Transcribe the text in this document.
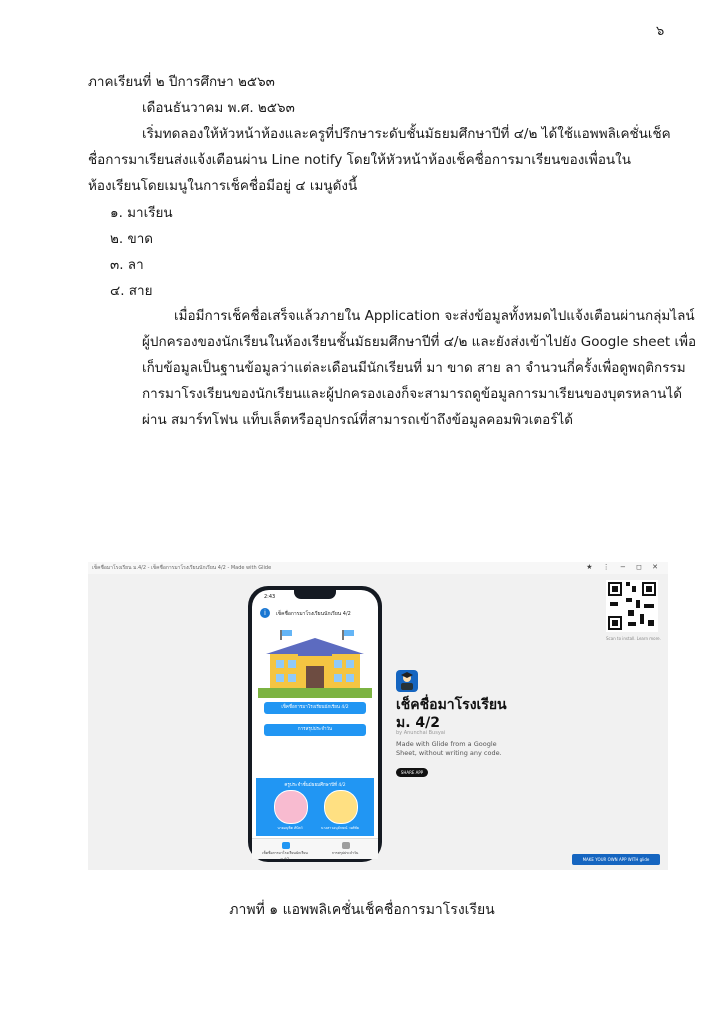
๖
ภาคเรียนที่ ๒ ปีการศึกษา ๒๕๖๓
เดือนธันวาคม พ.ศ. ๒๕๖๓
เริ่มทดลองให้หัวหน้าห้องและครูที่ปรึกษาระดับชั้นมัธยมศึกษาปีที่ ๔/๒ ได้ใช้แอพพลิเคชั่นเช็ค
ชื่อการมาเรียนส่งแจ้งเตือนผ่าน Line notify โดยให้หัวหน้าห้องเช็คชื่อการมาเรียนของเพื่อนใน
ห้องเรียนโดยเมนูในการเช็คชื่อมีอยู่ ๔ เมนูดังนี้
๑. มาเรียน
๒. ขาด
๓. ลา
๔. สาย
เมื่อมีการเช็คชื่อเสร็จแล้วภายใน Application จะส่งข้อมูลทั้งหมดไปแจ้งเตือนผ่านกลุ่มไลน์
ผู้ปกครองของนักเรียนในห้องเรียนชั้นมัธยมศึกษาปีที่ ๔/๒ และยังส่งเข้าไปยัง Google sheet เพื่อ
เก็บข้อมูลเป็นฐานข้อมูลว่าแต่ละเดือนมีนักเรียนที่ มา ขาด สาย ลา จำนวนกี่ครั้งเพื่อดูพฤติกรรม
การมาโรงเรียนของนักเรียนและผู้ปกครองเองก็จะสามารถดูข้อมูลการมาเรียนของบุตรหลานได้
ผ่าน สมาร์ทโฟน แท็บเล็ตหรืออุปกรณ์ที่สามารถเข้าถึงข้อมูลคอมพิวเตอร์ได้
เช็คชื่อมาโรงเรียน ม.4/2 - เช็คชื่อการมาโรงเรียนนักเรียน 4/2 - Made with Glide	★ ⋮ − ◻ ✕
2:43
i	เช็คชื่อการมาโรงเรียนนักเรียน 4/2
เช็คชื่อการมาโรงเรียนนักเรียน 4/2
การสรุปประจำวัน
ครูประจำชั้นมัธยมศึกษาปีที่ 4/2
นายอนุชิต สัปัตว์	นางสาวอนุลักษณ์ วงศ์ชัย
เช็คชื่อการมาโรงเรียนนักเรียนม.4/2
การสรุปประจำวัน
เช็คชื่อมาโรงเรียน
ม. 4/2
by Anunchai Busyai
Made with Glide from a Google Sheet, without writing any code.
SHARE APP
Scan to install. Learn more.
MAKE YOUR OWN APP WITH glide
ภาพที่ ๑ แอพพลิเคชั่นเช็คชื่อการมาโรงเรียน
